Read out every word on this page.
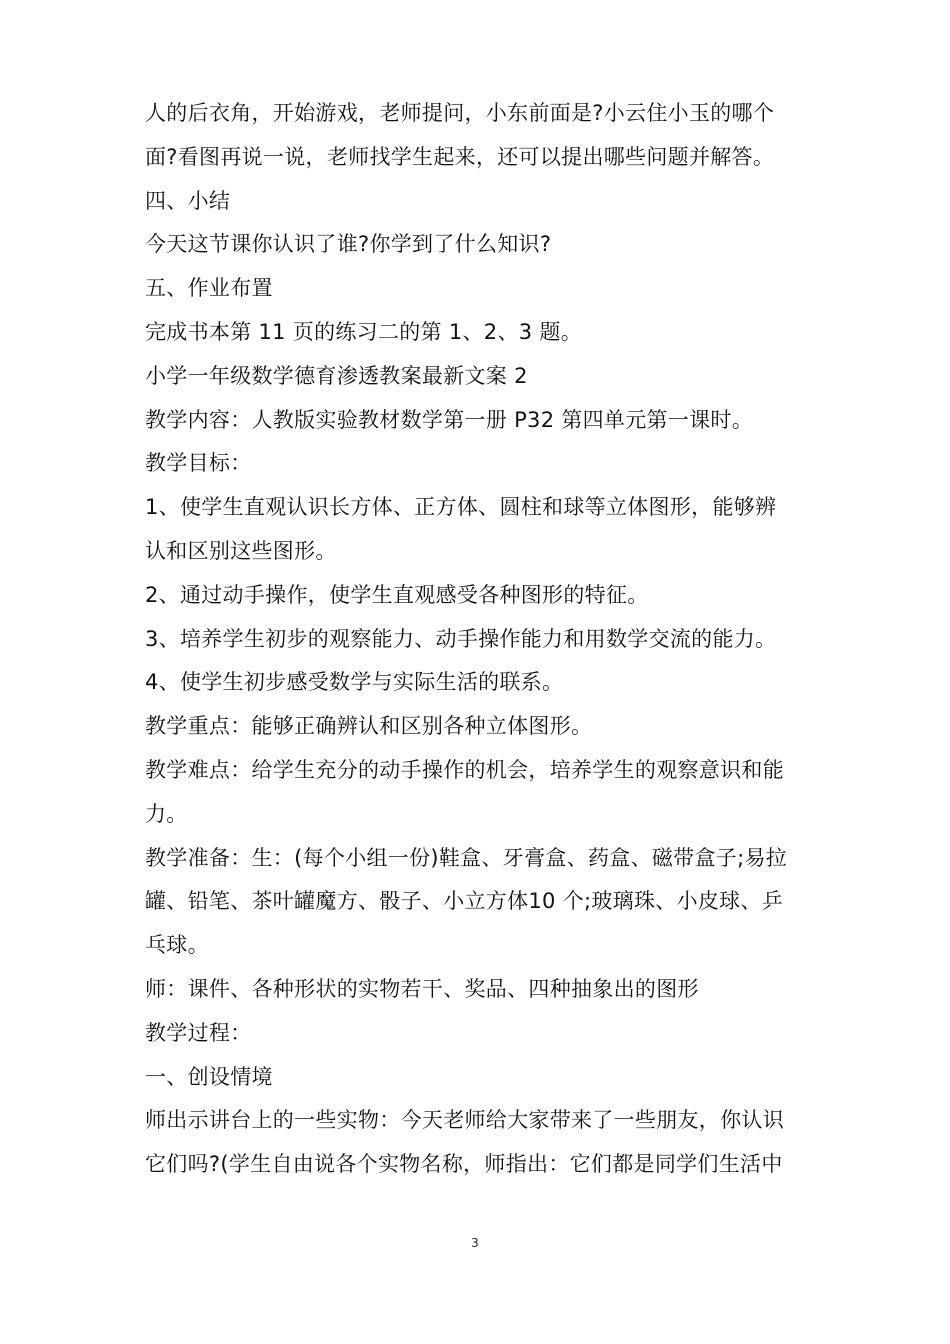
人的后衣角，开始游戏，老师提问，小东前面是?小云住小玉的哪个
面?看图再说一说，老师找学生起来，还可以提出哪些问题并解答。
四、小结
今天这节课你认识了谁?你学到了什么知识?
五、作业布置
完成书本第 11 页的练习二的第 1、2、3 题。
小学一年级数学德育渗透教案最新文案 2
教学内容：人教版实验教材数学第一册 P32 第四单元第一课时。
教学目标：
1、使学生直观认识长方体、正方体、圆柱和球等立体图形，能够辨
认和区别这些图形。
2、通过动手操作，使学生直观感受各种图形的特征。
3、培养学生初步的观察能力、动手操作能力和用数学交流的能力。
4、使学生初步感受数学与实际生活的联系。
教学重点：能够正确辨认和区别各种立体图形。
教学难点：给学生充分的动手操作的机会，培养学生的观察意识和能
力。
教学准备：生：(每个小组一份)鞋盒、牙膏盒、药盒、磁带盒子;易拉
罐、铅笔、茶叶罐魔方、骰子、小立方体10 个;玻璃珠、小皮球、乒
乓球。
师：课件、各种形状的实物若干、奖品、四种抽象出的图形
教学过程：
一、创设情境
师出示讲台上的一些实物：今天老师给大家带来了一些朋友，你认识
它们吗?(学生自由说各个实物名称，师指出：它们都是同学们生活中
3
